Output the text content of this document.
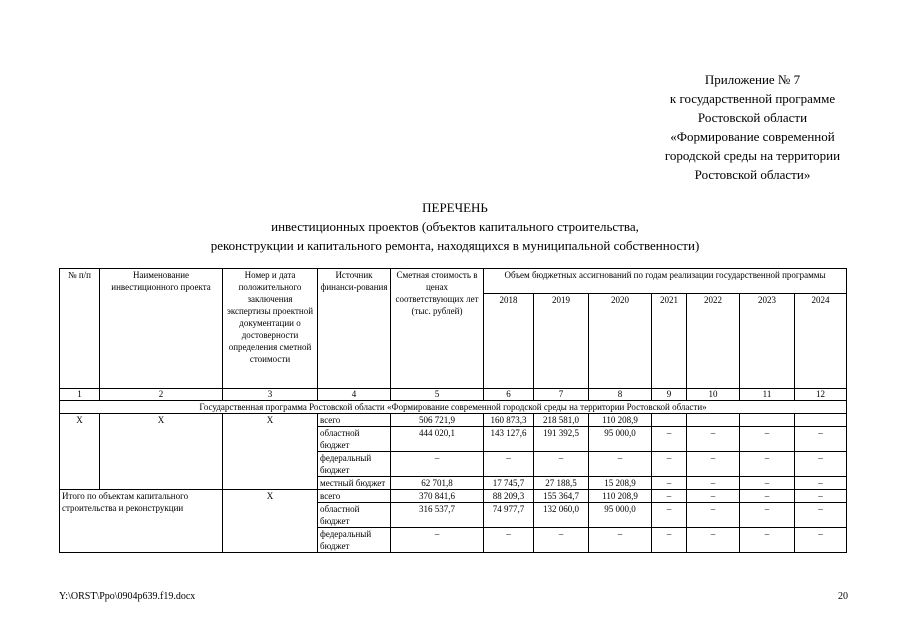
Приложение № 7
к государственной программе
Ростовской области
«Формирование современной
городской среды на территории
Ростовской области»
ПЕРЕЧЕНЬ
инвестиционных проектов (объектов капитального строительства,
реконструкции и капитального ремонта, находящихся в муниципальной собственности)
№ п/п	Наименование инвестиционного проекта	Номер и дата положительного заключения экспертизы проектной документации о достоверности определения сметной стоимости	Источник финанси-рования	Сметная стоимость в ценах соответствующих лет (тыс. рублей)	Объем бюджетных ассигнований по годам реализации государственной программы						
					2018	2019	2020	2021	2022	2023	2024
1	2	3	4	5	6	7	8	9	10	11	12
Государственная программа Ростовской области «Формирование современной городской среды на территории Ростовской области»											
Х	Х	Х	всего	506 721,9	160 873,3	218 581,0	110 208,9				
			областной бюджет	444 020,1	143 127,6	191 392,5	95 000,0	–	–	–	–
			федеральный бюджет	–	–	–	–	–	–	–	–
			местный бюджет	62 701,8	17 745,7	27 188,5	15 208,9	–	–	–	–
Итого по объектам капитального строительства и реконструкции		Х	всего	370 841,6	88 209,3	155 364,7	110 208,9	–	–	–	–
			областной бюджет	316 537,7	74 977,7	132 060,0	95 000,0	–	–	–	–
			федеральный бюджет	–	–	–	–	–	–	–	–
Y:\ORST\Ppo\0904p639.f19.docx	20
